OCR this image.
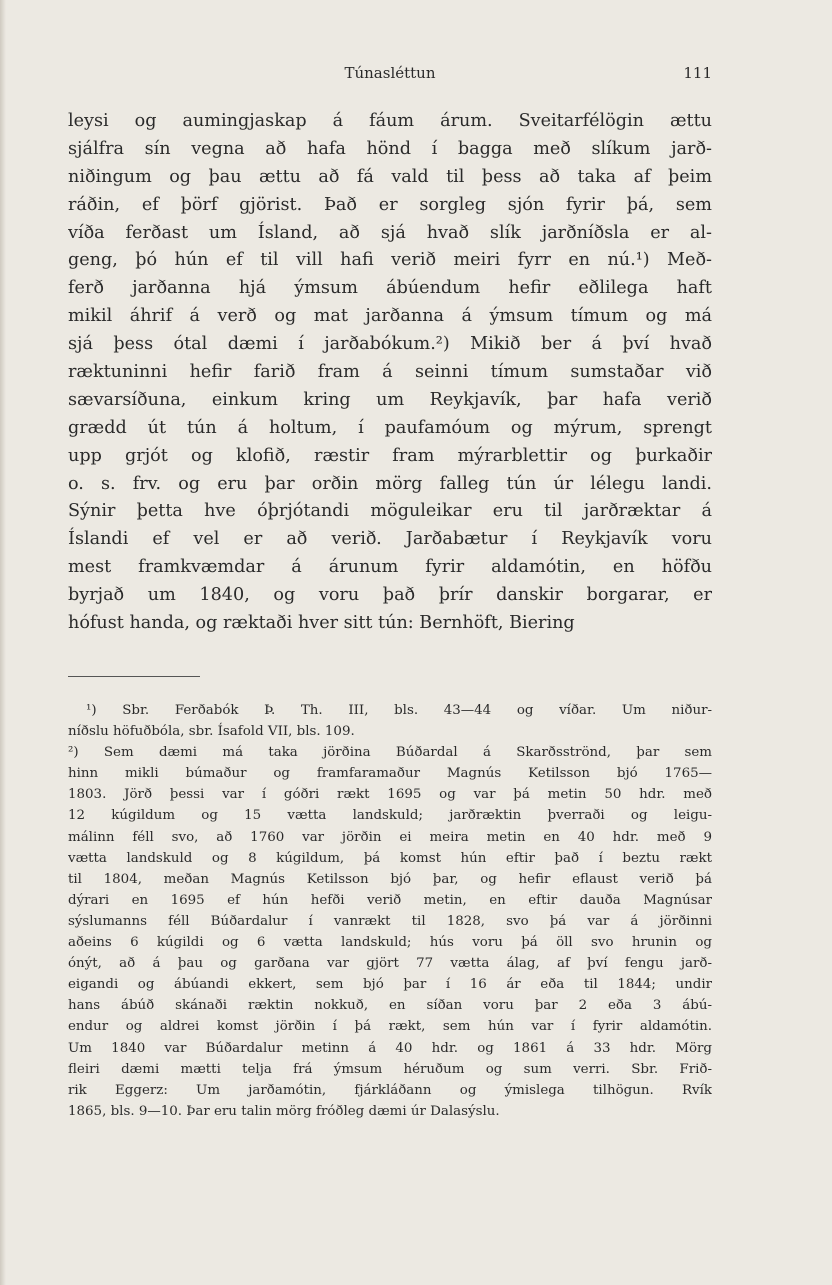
Túnasléttun	111
leysi og aumingjaskap á fáum árum. Sveitarfélögin ættu
sjálfra sín vegna að hafa hönd í bagga með slíkum jarð-
niðingum og þau ættu að fá vald til þess að taka af þeim
ráðin, ef þörf gjörist. Það er sorgleg sjón fyrir þá, sem
víða ferðast um Ísland, að sjá hvað slík jarðníðsla er al-
geng, þó hún ef til vill hafi verið meiri fyrr en nú.¹) Með-
ferð jarðanna hjá ýmsum ábúendum hefir eðlilega haft
mikil áhrif á verð og mat jarðanna á ýmsum tímum og má
sjá þess ótal dæmi í jarðabókum.²) Mikið ber á því hvað
ræktuninni hefir farið fram á seinni tímum sumstaðar við
sævarsíðuna, einkum kring um Reykjavík, þar hafa verið
grædd út tún á holtum, í paufamóum og mýrum, sprengt
upp grjót og klofið, ræstir fram mýrarblettir og þurkaðir
o. s. frv. og eru þar orðin mörg falleg tún úr lélegu landi.
Sýnir þetta hve óþrjótandi möguleikar eru til jarðræktar á
Íslandi ef vel er að verið. Jarðabætur í Reykjavík voru
mest framkvæmdar á árunum fyrir aldamótin, en höfðu
byrjað um 1840, og voru það þrír danskir borgarar, er
hófust handa, og ræktaði hver sitt tún: Bernhöft, Biering
¹) Sbr. Ferðabók Þ. Th. III, bls. 43—44 og víðar. Um niður-
níðslu höfuðbóla, sbr. Ísafold VII, bls. 109.
²) Sem dæmi má taka jörðina Búðardal á Skarðsströnd, þar sem
hinn mikli búmaður og framfaramaður Magnús Ketilsson bjó 1765—
1803. Jörð þessi var í góðri rækt 1695 og var þá metin 50 hdr. með
12 kúgildum og 15 vætta landskuld; jarðræktin þverraði og leigu-
málinn féll svo, að 1760 var jörðin ei meira metin en 40 hdr. með 9
vætta landskuld og 8 kúgildum, þá komst hún eftir það í beztu rækt
til 1804, meðan Magnús Ketilsson bjó þar, og hefir eflaust verið þá
dýrari en 1695 ef hún hefði verið metin, en eftir dauða Magnúsar
sýslumanns féll Búðardalur í vanrækt til 1828, svo þá var á jörðinni
aðeins 6 kúgildi og 6 vætta landskuld; hús voru þá öll svo hrunin og
ónýt, að á þau og garðana var gjört 77 vætta álag, af því fengu jarð-
eigandi og ábúandi ekkert, sem bjó þar í 16 ár eða til 1844; undir
hans ábúð skánaði ræktin nokkuð, en síðan voru þar 2 eða 3 ábú-
endur og aldrei komst jörðin í þá rækt, sem hún var í fyrir aldamótin.
Um 1840 var Búðardalur metinn á 40 hdr. og 1861 á 33 hdr. Mörg
fleiri dæmi mætti telja frá ýmsum héruðum og sum verri. Sbr. Frið-
rik Eggerz: Um jarðamótin, fjárkláðann og ýmislega tilhögun. Rvík
1865, bls. 9—10. Þar eru talin mörg fróðleg dæmi úr Dalasýslu.
